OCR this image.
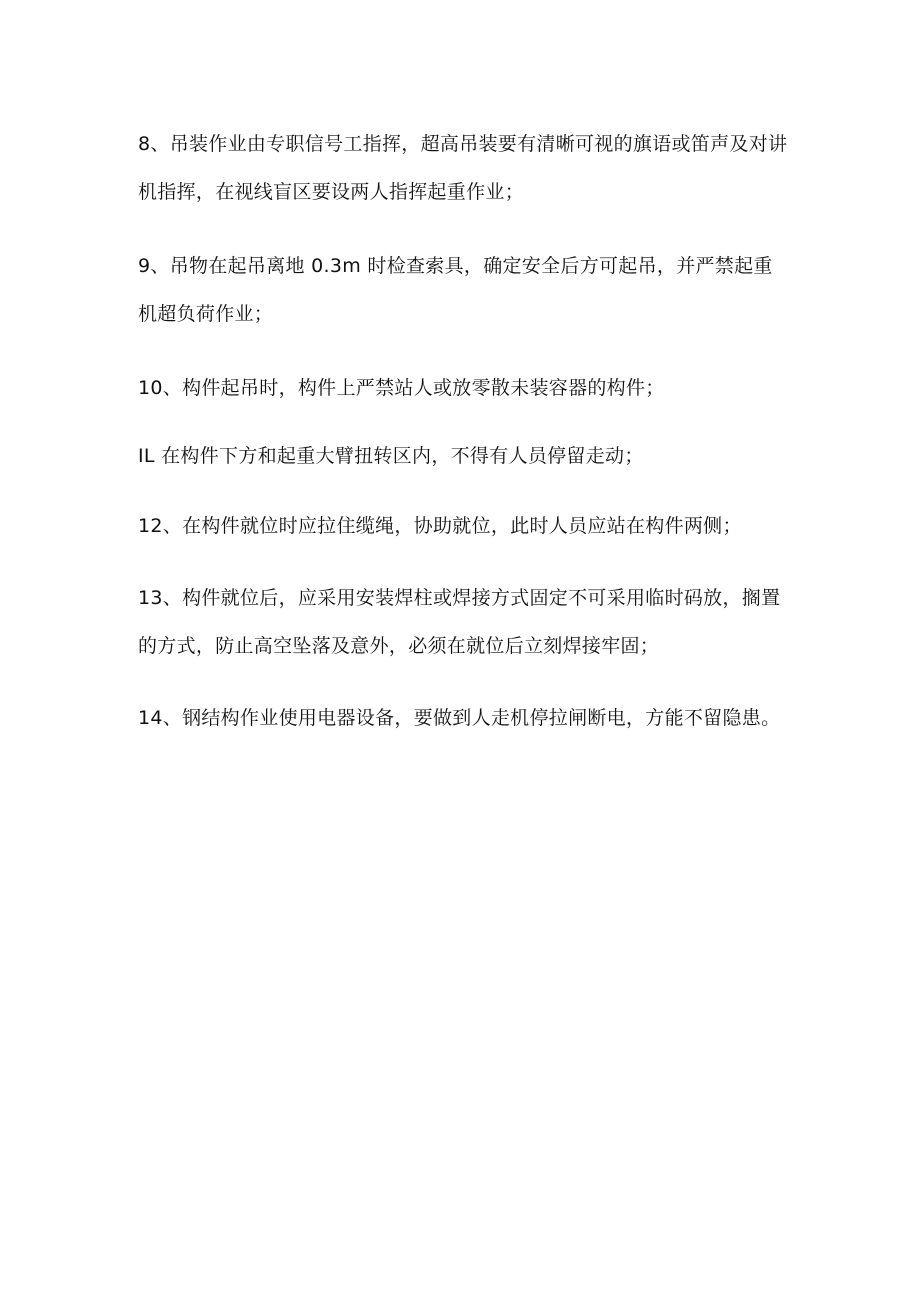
8、吊装作业由专职信号工指挥，超高吊装要有清晰可视的旗语或笛声及对讲机指挥，在视线盲区要设两人指挥起重作业；

9、吊物在起吊离地 0.3m 时检查索具，确定安全后方可起吊，并严禁起重机超负荷作业；

10、构件起吊时，构件上严禁站人或放零散未装容器的构件；

IL 在构件下方和起重大臂扭转区内，不得有人员停留走动；

12、在构件就位时应拉住缆绳，协助就位，此时人员应站在构件两侧；

13、构件就位后，应采用安装焊柱或焊接方式固定不可采用临时码放，搁置的方式，防止高空坠落及意外，必须在就位后立刻焊接牢固；

14、钢结构作业使用电器设备，要做到人走机停拉闸断电，方能不留隐患。
